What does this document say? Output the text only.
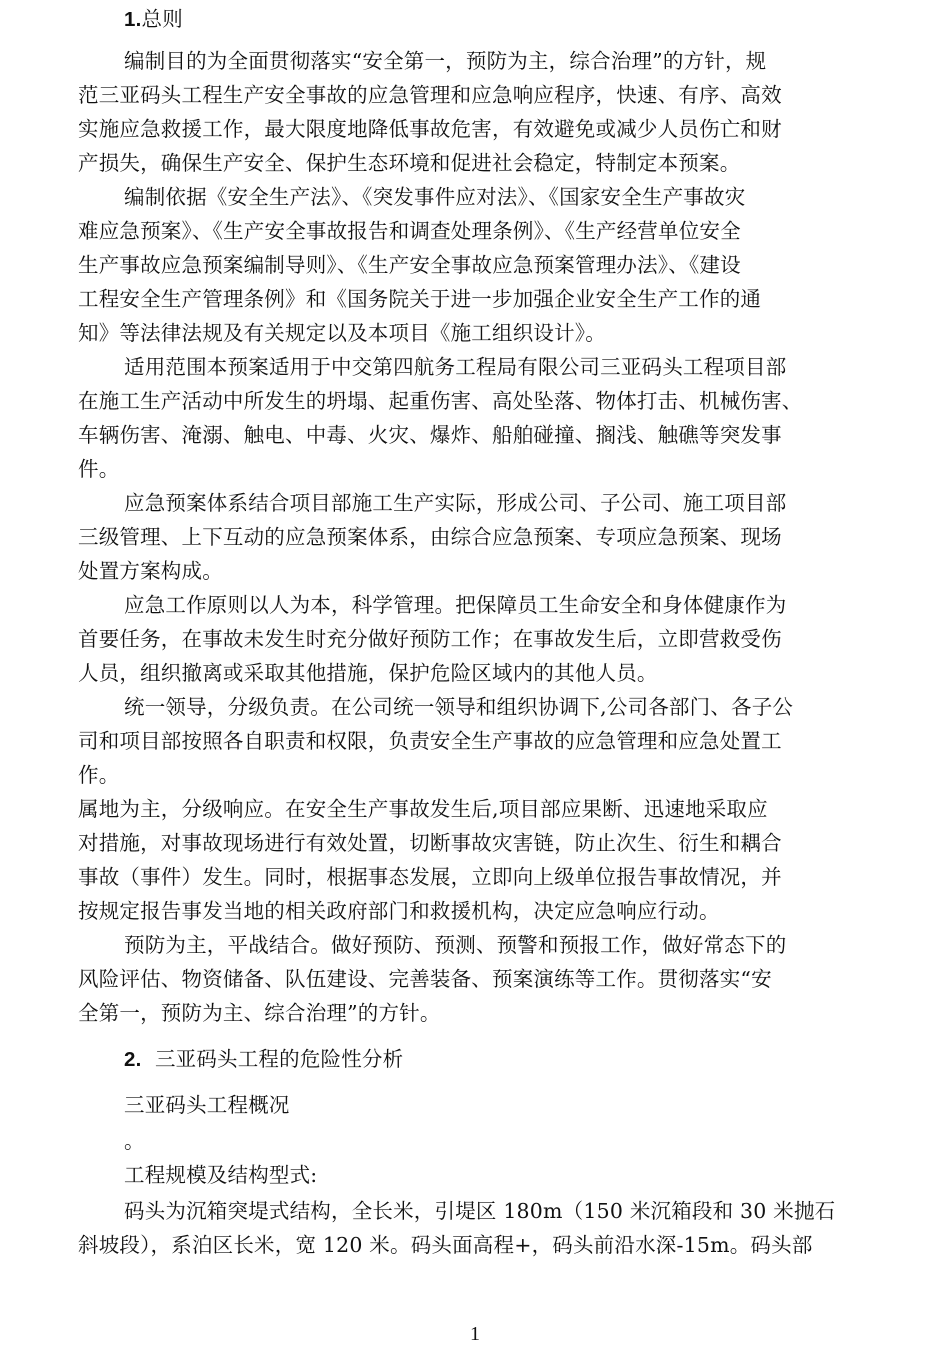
1.总则
编制目的为全面贯彻落实“安全第一，预防为主，综合治理”的方针，规
范三亚码头工程生产安全事故的应急管理和应急响应程序，快速、有序、高效
实施应急救援工作，最大限度地降低事故危害，有效避免或减少人员伤亡和财
产损失，确保生产安全、保护生态环境和促进社会稳定，特制定本预案。
编制依据《安全生产法》、《突发事件应对法》、《国家安全生产事故灾
难应急预案》、《生产安全事故报告和调查处理条例》、《生产经营单位安全
生产事故应急预案编制导则》、《生产安全事故应急预案管理办法》、《建设
工程安全生产管理条例》和《国务院关于进一步加强企业安全生产工作的通
知》等法律法规及有关规定以及本项目《施工组织设计》。
适用范围本预案适用于中交第四航务工程局有限公司三亚码头工程项目部
在施工生产活动中所发生的坍塌、起重伤害、高处坠落、物体打击、机械伤害、
车辆伤害、淹溺、触电、中毒、火灾、爆炸、船舶碰撞、搁浅、触礁等突发事
件。
应急预案体系结合项目部施工生产实际，形成公司、子公司、施工项目部
三级管理、上下互动的应急预案体系，由综合应急预案、专项应急预案、现场
处置方案构成。
应急工作原则以人为本，科学管理。把保障员工生命安全和身体健康作为
首要任务，在事故未发生时充分做好预防工作；在事故发生后，立即营救受伤
人员，组织撤离或采取其他措施，保护危险区域内的其他人员。
统一领导，分级负责。在公司统一领导和组织协调下,公司各部门、各子公
司和项目部按照各自职责和权限，负责安全生产事故的应急管理和应急处置工
作。
属地为主，分级响应。在安全生产事故发生后,项目部应果断、迅速地采取应
对措施，对事故现场进行有效处置，切断事故灾害链，防止次生、衍生和耦合
事故（事件）发生。同时，根据事态发展，立即向上级单位报告事故情况，并
按规定报告事发当地的相关政府部门和救援机构，决定应急响应行动。
预防为主，平战结合。做好预防、预测、预警和预报工作，做好常态下的
风险评估、物资储备、队伍建设、完善装备、预案演练等工作。贯彻落实“安
全第一，预防为主、综合治理”的方针。
2. 三亚码头工程的危险性分析
三亚码头工程概况
。
工程规模及结构型式:
码头为沉箱突堤式结构，全长米，引堤区 180m（150 米沉箱段和 30 米抛石
斜坡段），系泊区长米，宽 120 米。码头面高程+，码头前沿水深-15m。码头部
1
